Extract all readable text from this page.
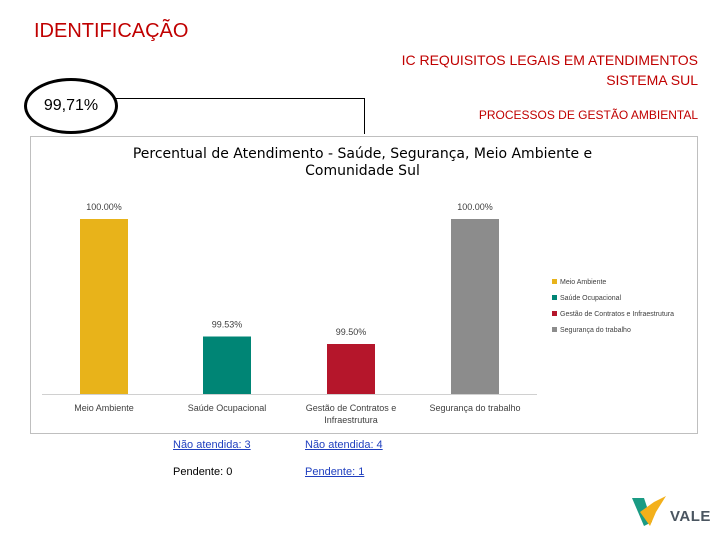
IDENTIFICAÇÃO
IC REQUISITOS LEGAIS EM ATENDIMENTOS
SISTEMA SUL
PROCESSOS DE GESTÃO AMBIENTAL
99,71%
Percentual de Atendimento - Saúde, Segurança, Meio Ambiente e Comunidade Sul
100.00%
Meio Ambiente
99.53%
Saúde Ocupacional
99.50%
Gestão de Contratos e
Infraestrutura
100.00%
Segurança do trabalho
Meio Ambiente
Saúde Ocupacional
Gestão de Contratos e Infraestrutura
Segurança do trabalho
Não atendida: 3
Pendente: 0
Não atendida: 4
Pendente: 1
VALE
